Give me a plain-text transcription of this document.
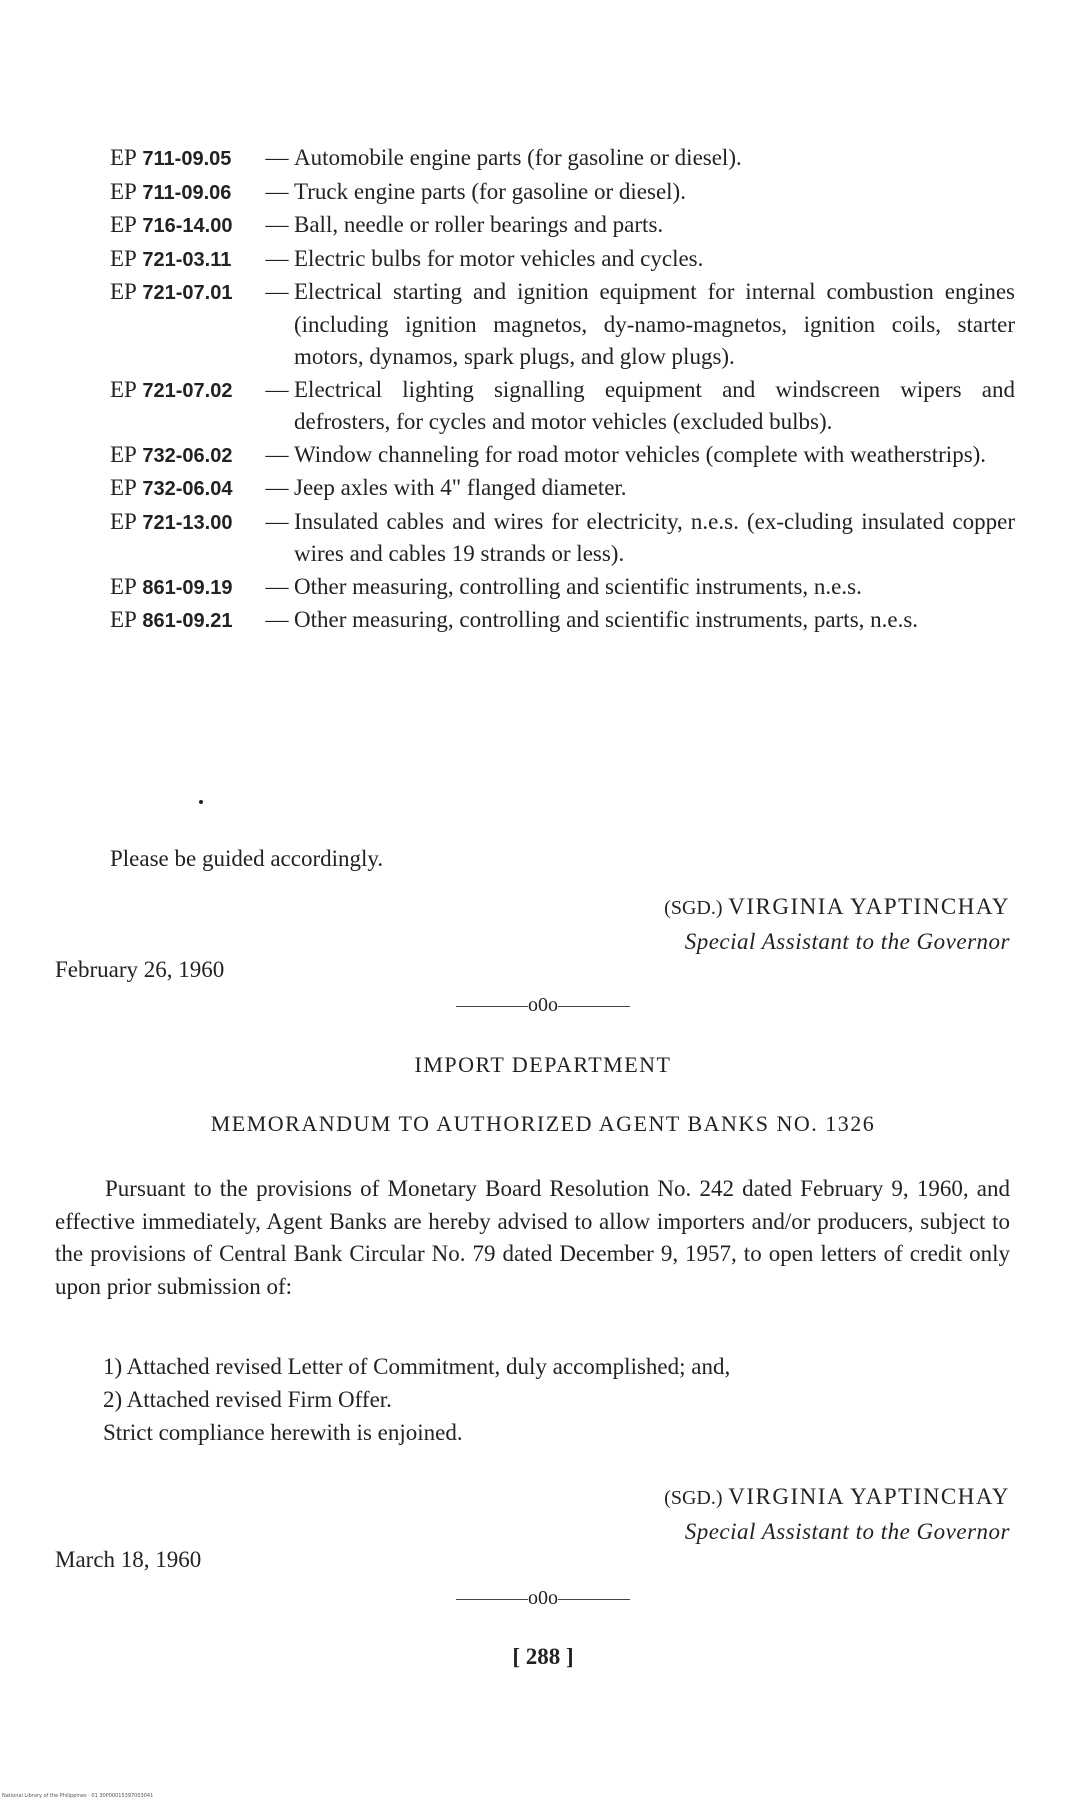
EP 711-09.05	— Automobile engine parts (for gasoline or diesel).
EP 711-09.06	— Truck engine parts (for gasoline or diesel).
EP 716-14.00	— Ball, needle or roller bearings and parts.
EP 721-03.11	— Electric bulbs for motor vehicles and cycles.
EP 721-07.01	— Electrical starting and ignition equipment for internal combustion engines (including ignition magnetos, dy-namo-magnetos, ignition coils, starter motors, dynamos, spark plugs, and glow plugs).
EP 721-07.02	— Electrical lighting signalling equipment and windscreen wipers and defrosters, for cycles and motor vehicles (excluded bulbs).
EP 732-06.02	— Window channeling for road motor vehicles (complete with weatherstrips).
EP 732-06.04	— Jeep axles with 4" flanged diameter.
EP 721-13.00	— Insulated cables and wires for electricity, n.e.s. (ex-cluding insulated copper wires and cables 19 strands or less).
EP 861-09.19	— Other measuring, controlling and scientific instruments, n.e.s.
EP 861-09.21	— Other measuring, controlling and scientific instruments, parts, n.e.s.
Please be guided accordingly.
(SGD.) VIRGINIA YAPTINCHAY
Special Assistant to the Governor
February 26, 1960
o0o
IMPORT DEPARTMENT
MEMORANDUM TO AUTHORIZED AGENT BANKS NO. 1326
Pursuant to the provisions of Monetary Board Resolution No. 242 dated February 9, 1960, and effective immediately, Agent Banks are hereby advised to allow importers and/or producers, subject to the provisions of Central Bank Circular No. 79 dated December 9, 1957, to open letters of credit only upon prior submission of:
1) Attached revised Letter of Commitment, duly accomplished; and,
2) Attached revised Firm Offer.
Strict compliance herewith is enjoined.
(SGD.) VIRGINIA YAPTINCHAY
Special Assistant to the Governor
March 18, 1960
o0o
[ 288 ]
National Library of the Philippines · 01 30P00015397003041
